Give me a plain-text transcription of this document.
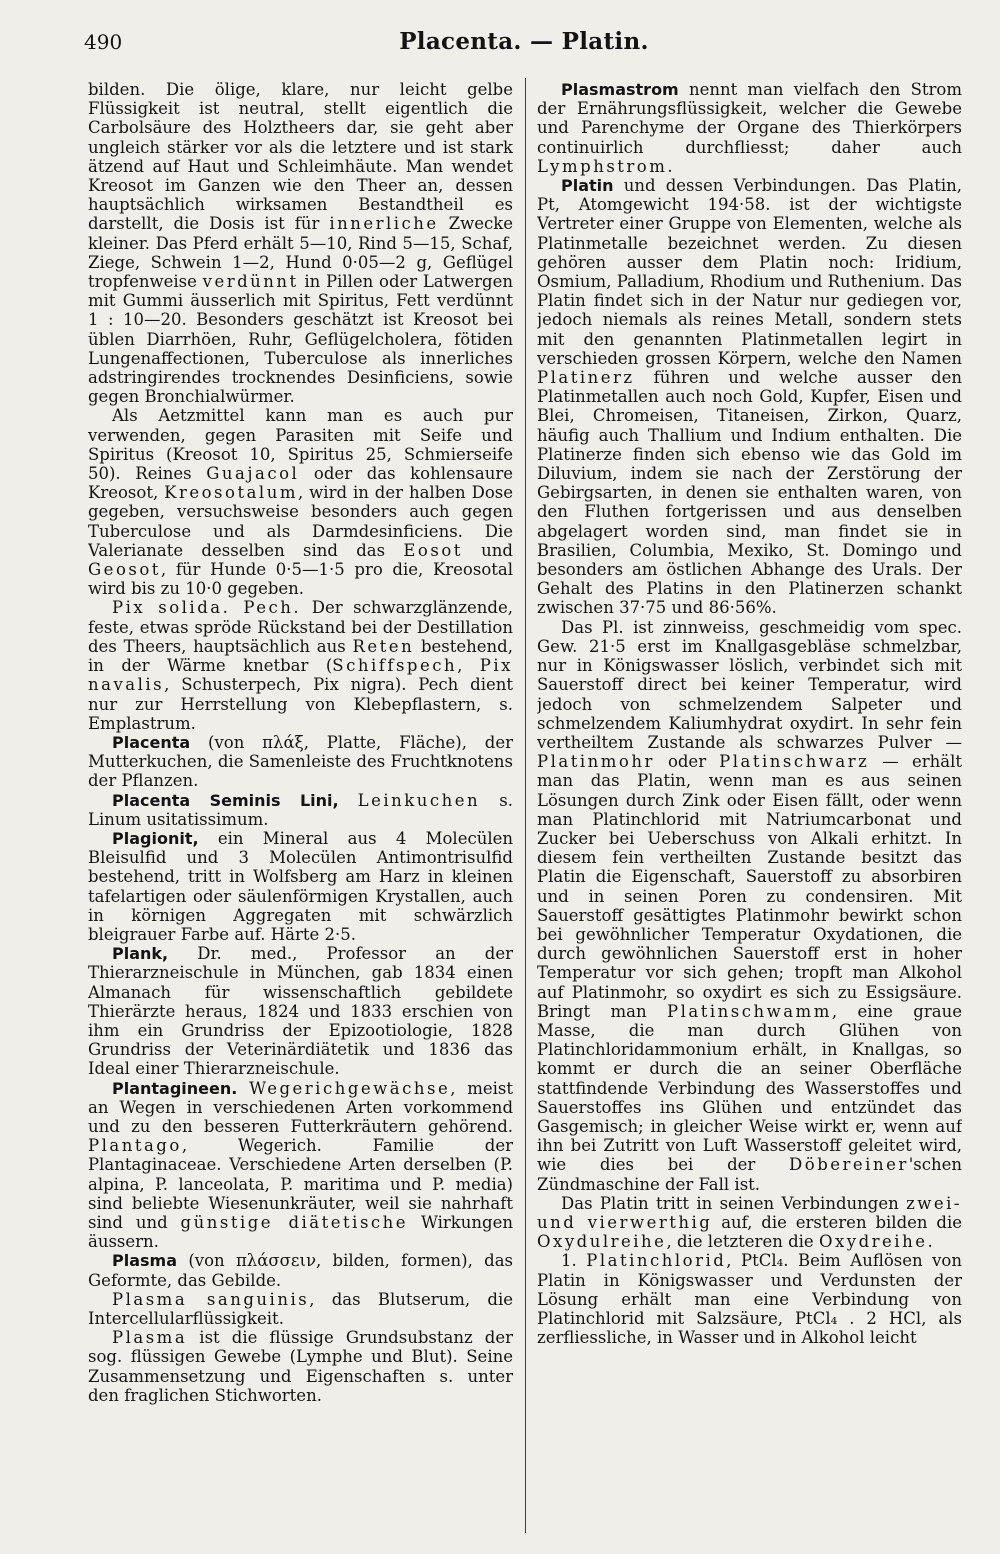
490	Placenta. — Platin.

bilden. Die ölige, klare, nur leicht gelbe Flüssigkeit ist neutral, stellt eigentlich die Carbolsäure des Holztheers dar, sie geht aber ungleich stärker vor als die letztere und ist stark ätzend auf Haut und Schleimhäute. Man wendet Kreosot im Ganzen wie den Theer an, dessen hauptsächlich wirksamen Bestandtheil es darstellt, die Dosis ist für innerliche Zwecke kleiner. Das Pferd erhält 5—10, Rind 5—15, Schaf, Ziege, Schwein 1—2, Hund 0·05—2 g, Geflügel tropfenweise verdünnt in Pillen oder Latwergen mit Gummi äusserlich mit Spiritus, Fett verdünnt 1 : 10—20. Besonders geschätzt ist Kreosot bei üblen Diarrhöen, Ruhr, Geflügelcholera, fötiden Lungenaffectionen, Tuberculose als innerliches adstringirendes trocknendes Desinficiens, sowie gegen Bronchialwürmer.

Als Aetzmittel kann man es auch pur verwenden, gegen Parasiten mit Seife und Spiritus (Kreosot 10, Spiritus 25, Schmierseife 50). Reines Guajacol oder das kohlensaure Kreosot, Kreosotalum, wird in der halben Dose gegeben, versuchsweise besonders auch gegen Tuberculose und als Darmdesinficiens. Die Valerianate desselben sind das Eosot und Geosot, für Hunde 0·5—1·5 pro die, Kreosotal wird bis zu 10·0 gegeben.

Pix solida. Pech. Der schwarzglänzende, feste, etwas spröde Rückstand bei der Destillation des Theers, hauptsächlich aus Reten bestehend, in der Wärme knetbar (Schiffspech, Pix navalis, Schusterpech, Pix nigra). Pech dient nur zur Herrstellung von Klebepflastern, s. Emplastrum.

Placenta (von πλάξ, Platte, Fläche), der Mutterkuchen, die Samenleiste des Fruchtknotens der Pflanzen.

Placenta Seminis Lini, Leinkuchen s. Linum usitatissimum.

Plagionit, ein Mineral aus 4 Molecülen Bleisulfid und 3 Molecülen Antimontrisulfid bestehend, tritt in Wolfsberg am Harz in kleinen tafelartigen oder säulenförmigen Krystallen, auch in körnigen Aggregaten mit schwärzlich bleigrauer Farbe auf. Härte 2·5.

Plank, Dr. med., Professor an der Thierarzneischule in München, gab 1834 einen Almanach für wissenschaftlich gebildete Thierärzte heraus, 1824 und 1833 erschien von ihm ein Grundriss der Epizootiologie, 1828 Grundriss der Veterinärdiätetik und 1836 das Ideal einer Thierarzneischule.

Plantagineen. Wegerichgewächse, meist an Wegen in verschiedenen Arten vorkommend und zu den besseren Futterkräutern gehörend. Plantago, Wegerich. Familie der Plantaginaceae. Verschiedene Arten derselben (P. alpina, P. lanceolata, P. maritima und P. media) sind beliebte Wiesenunkräuter, weil sie nahrhaft sind und günstige diätetische Wirkungen äussern.

Plasma (von πλάσσειν, bilden, formen), das Geformte, das Gebilde.

Plasma sanguinis, das Blutserum, die Intercellularflüssigkeit.

Plasma ist die flüssige Grundsubstanz der sog. flüssigen Gewebe (Lymphe und Blut). Seine Zusammensetzung und Eigenschaften s. unter den fraglichen Stichworten.

Plasmastrom nennt man vielfach den Strom der Ernährungsflüssigkeit, welcher die Gewebe und Parenchyme der Organe des Thierkörpers continuirlich durchfliesst; daher auch Lymphstrom.

Platin und dessen Verbindungen. Das Platin, Pt, Atomgewicht 194·58. ist der wichtigste Vertreter einer Gruppe von Elementen, welche als Platinmetalle bezeichnet werden. Zu diesen gehören ausser dem Platin noch: Iridium, Osmium, Palladium, Rhodium und Ruthenium. Das Platin findet sich in der Natur nur gediegen vor, jedoch niemals als reines Metall, sondern stets mit den genannten Platinmetallen legirt in verschieden grossen Körpern, welche den Namen Platinerz führen und welche ausser den Platinmetallen auch noch Gold, Kupfer, Eisen und Blei, Chromeisen, Titaneisen, Zirkon, Quarz, häufig auch Thallium und Indium enthalten. Die Platinerze finden sich ebenso wie das Gold im Diluvium, indem sie nach der Zerstörung der Gebirgsarten, in denen sie enthalten waren, von den Fluthen fortgerissen und aus denselben abgelagert worden sind, man findet sie in Brasilien, Columbia, Mexiko, St. Domingo und besonders am östlichen Abhange des Urals. Der Gehalt des Platins in den Platinerzen schankt zwischen 37·75 und 86·56%.

Das Pl. ist zinnweiss, geschmeidig vom spec. Gew. 21·5 erst im Knallgasgebläse schmelzbar, nur in Königswasser löslich, verbindet sich mit Sauerstoff direct bei keiner Temperatur, wird jedoch von schmelzendem Salpeter und schmelzendem Kaliumhydrat oxydirt. In sehr fein vertheiltem Zustande als schwarzes Pulver — Platinmohr oder Platinschwarz — erhält man das Platin, wenn man es aus seinen Lösungen durch Zink oder Eisen fällt, oder wenn man Platinchlorid mit Natriumcarbonat und Zucker bei Ueberschuss von Alkali erhitzt. In diesem fein vertheilten Zustande besitzt das Platin die Eigenschaft, Sauerstoff zu absorbiren und in seinen Poren zu condensiren. Mit Sauerstoff gesättigtes Platinmohr bewirkt schon bei gewöhnlicher Temperatur Oxydationen, die durch gewöhnlichen Sauerstoff erst in hoher Temperatur vor sich gehen; tropft man Alkohol auf Platinmohr, so oxydirt es sich zu Essigsäure. Bringt man Platinschwamm, eine graue Masse, die man durch Glühen von Platinchloridammonium erhält, in Knallgas, so kommt er durch die an seiner Oberfläche stattfindende Verbindung des Wasserstoffes und Sauerstoffes ins Glühen und entzündet das Gasgemisch; in gleicher Weise wirkt er, wenn auf ihn bei Zutritt von Luft Wasserstoff geleitet wird, wie dies bei der Döbereiner'schen Zündmaschine der Fall ist.

Das Platin tritt in seinen Verbindungen zwei- und vierwerthig auf, die ersteren bilden die Oxydulreihe, die letzteren die Oxydreihe.

1. Platinchlorid, PtCl₄. Beim Auflösen von Platin in Königswasser und Verdunsten der Lösung erhält man eine Verbindung von Platinchlorid mit Salzsäure, PtCl₄ . 2 HCl, als zerfliessliche, in Wasser und in Alkohol leicht
